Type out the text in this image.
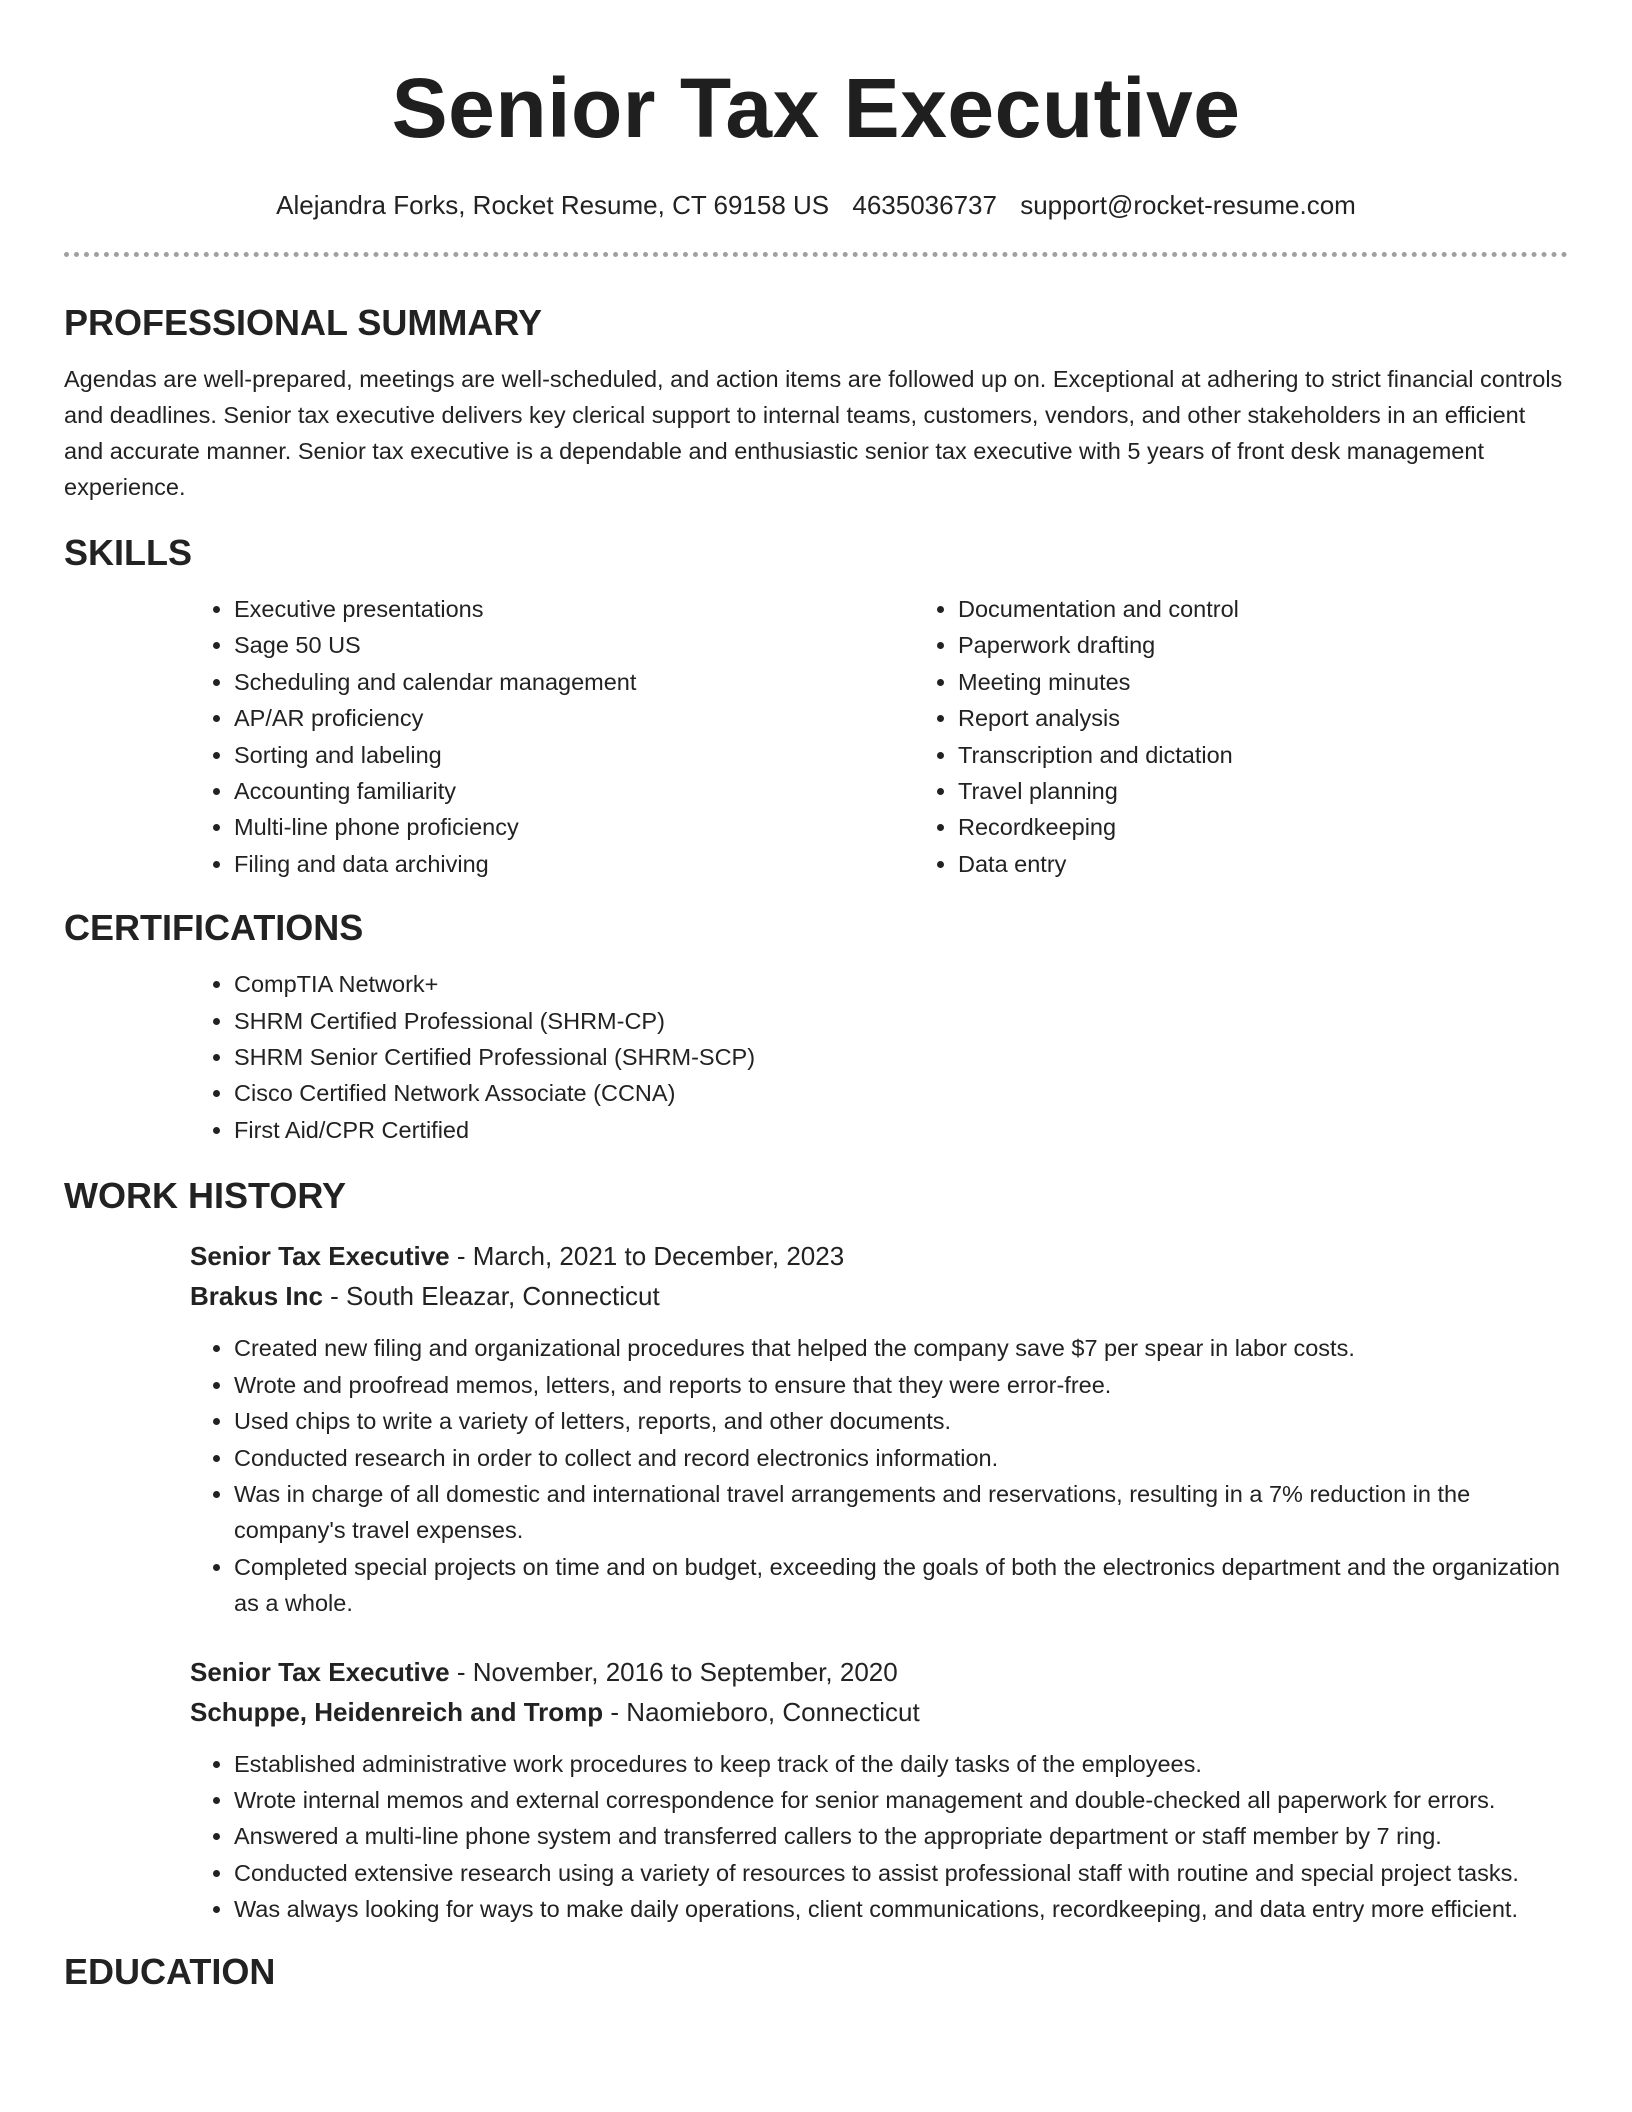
Senior Tax Executive
Alejandra Forks, Rocket Resume, CT 69158 US 4635036737 support@rocket-resume.com
PROFESSIONAL SUMMARY

Agendas are well-prepared, meetings are well-scheduled, and action items are followed up on. Exceptional at adhering to strict financial controls and deadlines. Senior tax executive delivers key clerical support to internal teams, customers, vendors, and other stakeholders in an efficient and accurate manner. Senior tax executive is a dependable and enthusiastic senior tax executive with 5 years of front desk management experience.

SKILLS
• Executive presentations
• Sage 50 US
• Scheduling and calendar management
• AP/AR proficiency
• Sorting and labeling
• Accounting familiarity
• Multi-line phone proficiency
• Filing and data archiving
• Documentation and control
• Paperwork drafting
• Meeting minutes
• Report analysis
• Transcription and dictation
• Travel planning
• Recordkeeping
• Data entry
CERTIFICATIONS
• CompTIA Network+
• SHRM Certified Professional (SHRM-CP)
• SHRM Senior Certified Professional (SHRM-SCP)
• Cisco Certified Network Associate (CCNA)
• First Aid/CPR Certified
WORK HISTORY
Senior Tax Executive - March, 2021 to December, 2023
Brakus Inc - South Eleazar, Connecticut
• Created new filing and organizational procedures that helped the company save $7 per spear in labor costs.
• Wrote and proofread memos, letters, and reports to ensure that they were error-free.
• Used chips to write a variety of letters, reports, and other documents.
• Conducted research in order to collect and record electronics information.
• Was in charge of all domestic and international travel arrangements and reservations, resulting in a 7% reduction in the company's travel expenses.
• Completed special projects on time and on budget, exceeding the goals of both the electronics department and the organization as a whole.
Senior Tax Executive - November, 2016 to September, 2020
Schuppe, Heidenreich and Tromp - Naomieboro, Connecticut
• Established administrative work procedures to keep track of the daily tasks of the employees.
• Wrote internal memos and external correspondence for senior management and double-checked all paperwork for errors.
• Answered a multi-line phone system and transferred callers to the appropriate department or staff member by 7 ring.
• Conducted extensive research using a variety of resources to assist professional staff with routine and special project tasks.
• Was always looking for ways to make daily operations, client communications, recordkeeping, and data entry more efficient.
EDUCATION
